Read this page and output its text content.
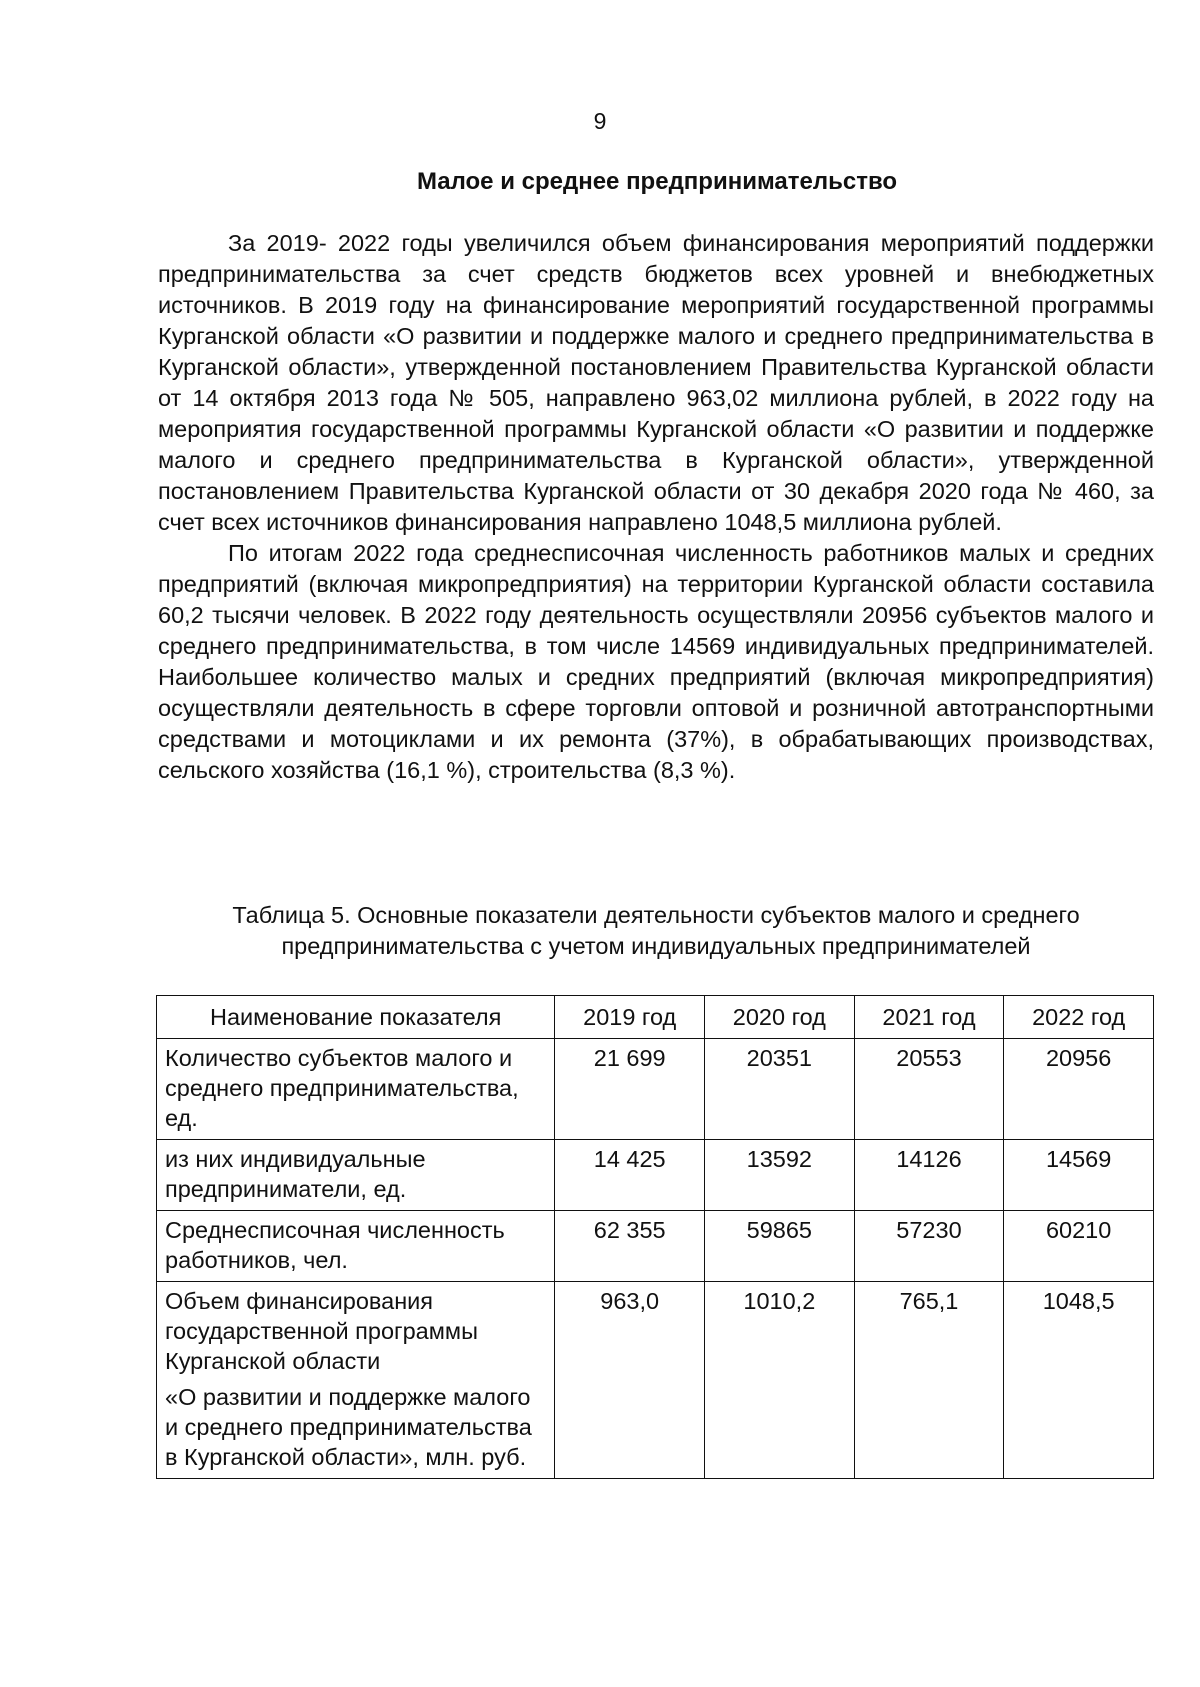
9
Малое и среднее предпринимательство

За 2019- 2022 годы увеличился объем финансирования мероприятий поддержки предпринимательства за счет средств бюджетов всех уровней и внебюджетных источников. В 2019 году на финансирование мероприятий государственной программы Курганской области «О развитии и поддержке малого и среднего предпринимательства в Курганской области», утвержденной постановлением Правительства Курганской области от 14 октября 2013 года № 505, направлено 963,02 миллиона рублей, в 2022 году на мероприятия государственной программы Курганской области «О развитии и поддержке малого и среднего предпринимательства в Курганской области», утвержденной постановлением Правительства Курганской области от 30 декабря 2020 года № 460, за счет всех источников финансирования направлено 1048,5 миллиона рублей.

По итогам 2022 года среднесписочная численность работников малых и средних предприятий (включая микропредприятия) на территории Курганской области составила 60,2 тысячи человек. В 2022 году деятельность осуществляли 20956 субъектов малого и среднего предпринимательства, в том числе 14569 индивидуальных предпринимателей. Наибольшее количество малых и средних предприятий (включая микропредприятия) осуществляли деятельность в сфере торговли оптовой и розничной автотранспортными средствами и мотоциклами и их ремонта (37%), в обрабатывающих производствах, сельского хозяйства (16,1 %), строительства (8,3 %).

Таблица 5. Основные показатели деятельности субъектов малого и среднего
предпринимательства с учетом индивидуальных предпринимателей
Наименование показателя	2019 год	2020 год	2021 год	2022 год
Количество субъектов малого и среднего предпринимательства, ед.	21 699	20351	20553	20956
из них индивидуальные предприниматели, ед.	14 425	13592	14126	14569
Среднесписочная численность работников, чел.	62 355	59865	57230	60210

Объем финансирования государственной программы Курганской области
«О развитии и поддержке малого и среднего предпринимательства в Курганской области», млн. руб.	963,0	1010,2	765,1	1048,5
